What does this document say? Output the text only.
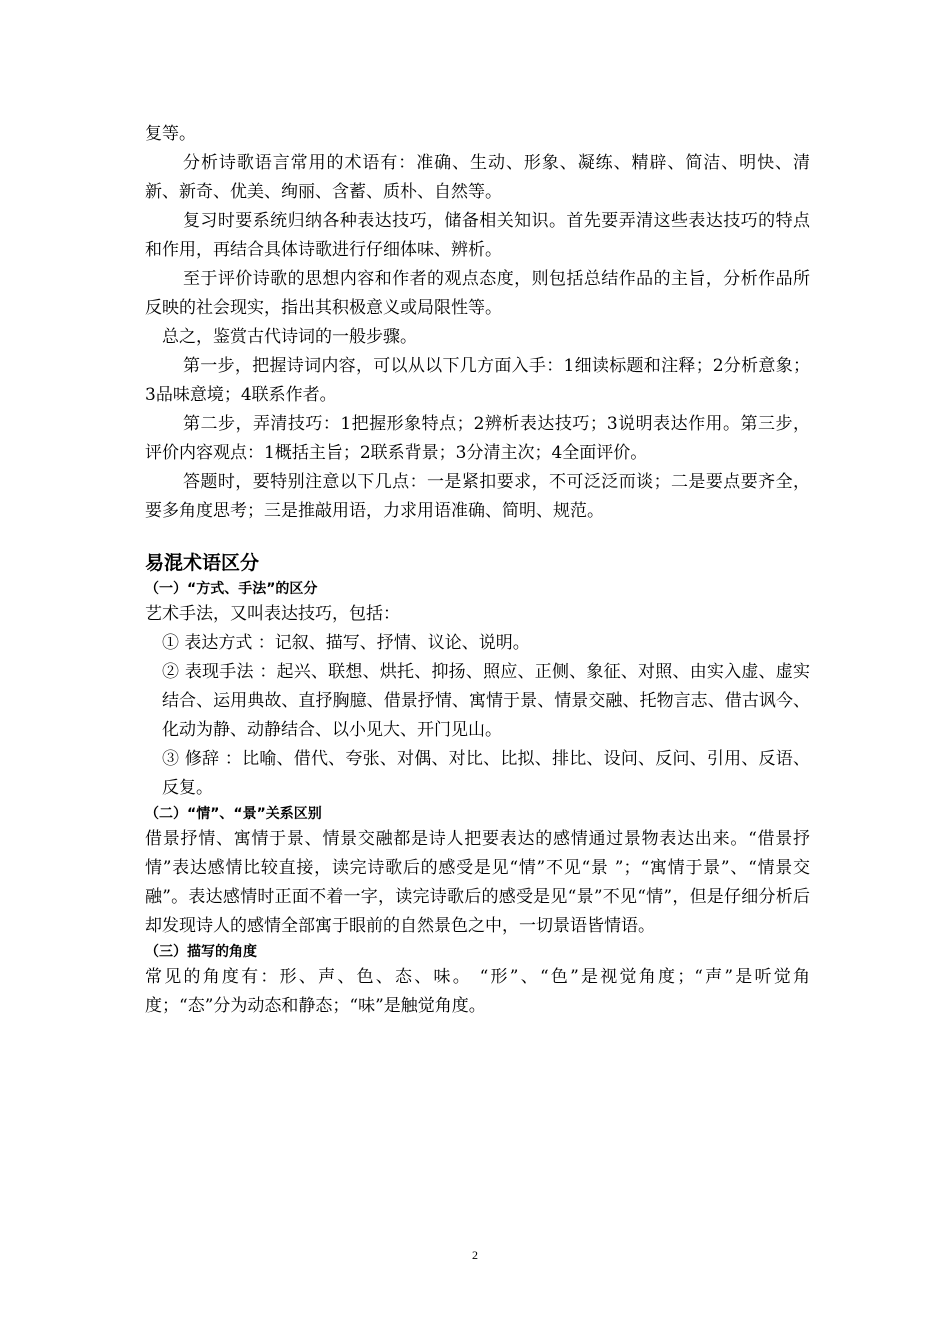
复等。

分析诗歌语言常用的术语有：准确、生动、形象、凝练、精辟、简洁、明快、清新、新奇、优美、绚丽、含蓄、质朴、自然等。

复习时要系统归纳各种表达技巧，储备相关知识。首先要弄清这些表达技巧的特点和作用，再结合具体诗歌进行仔细体味、辨析。

至于评价诗歌的思想内容和作者的观点态度，则包括总结作品的主旨，分析作品所反映的社会现实，指出其积极意义或局限性等。

总之，鉴赏古代诗词的一般步骤。

第一步，把握诗词内容，可以从以下几方面入手：1细读标题和注释；2分析意象；3品味意境；4联系作者。

第二步，弄清技巧：1把握形象特点；2辨析表达技巧；3说明表达作用。第三步，评价内容观点：1概括主旨；2联系背景；3分清主次；4全面评价。

答题时，要特别注意以下几点：一是紧扣要求，不可泛泛而谈；二是要点要齐全，要多角度思考；三是推敲用语，力求用语准确、简明、规范。

易混术语区分
（一）“方式、手法”的区分

艺术手法，又叫表达技巧，包括：

① 表达方式 ：记叙、描写、抒情、议论、说明。

② 表现手法 ：起兴、联想、烘托、抑扬、照应、正侧、象征、对照、由实入虚、虚实结合、运用典故、直抒胸臆、借景抒情、寓情于景、情景交融、托物言志、借古讽今、化动为静、动静结合、以小见大、开门见山。

③ 修辞 ：比喻、借代、夸张、对偶、对比、比拟、排比、设问、反问、引用、反语、反复。

（二）“情”、“景”关系区别

借景抒情、寓情于景、情景交融都是诗人把要表达的感情通过景物表达出来。“借景抒情”表达感情比较直接，读完诗歌后的感受是见“情”不见“景 ”；“寓情于景”、“情景交融”。表达感情时正面不着一字，读完诗歌后的感受是见“景”不见“情”，但是仔细分析后却发现诗人的感情全部寓于眼前的自然景色之中，一切景语皆情语。

（三）描写的角度

常见的角度有：形、声、色、态、味。 “形”、“色”是视觉角度；“声”是听觉角度；“态”分为动态和静态；“味”是触觉角度。

2
